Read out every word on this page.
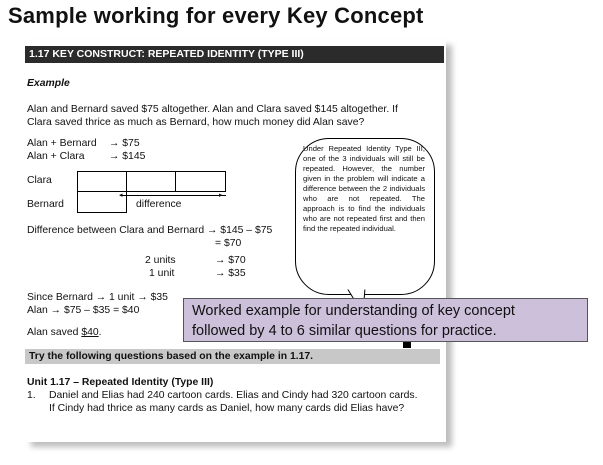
Sample working for every Key Concept
1.17 KEY CONSTRUCT: REPEATED IDENTITY (TYPE III)
Example
Alan and Bernard saved $75 altogether. Alan and Clara saved $145 altogether. If
Clara saved thrice as much as Bernard, how much money did Alan save?
Alan + Bernard → $75
Alan + Clara → $145
Clara
Bernard
◂	▸
difference
Difference between Clara and Bernard → $145 – $75
= $70
2 units	→ $70
1 unit	→ $35
Since Bernard → 1 unit → $35
Alan → $75 – $35 = $40
Alan saved $40.
Under Repeated Identity Type III, one of the 3 individuals will still be repeated. However, the number given in the problem will indicate a difference between the 2 individuals who are not repeated. The approach is to find the individuals who are not repeated first and then find the repeated individual.
Try the following questions based on the example in 1.17.
Unit 1.17 – Repeated Identity (Type III)
1. Daniel and Elias had 240 cartoon cards. Elias and Cindy had 320 cartoon cards.
If Cindy had thrice as many cards as Daniel, how many cards did Elias have?
Worked example for understanding of key concept
followed by 4 to 6 similar questions for practice.
